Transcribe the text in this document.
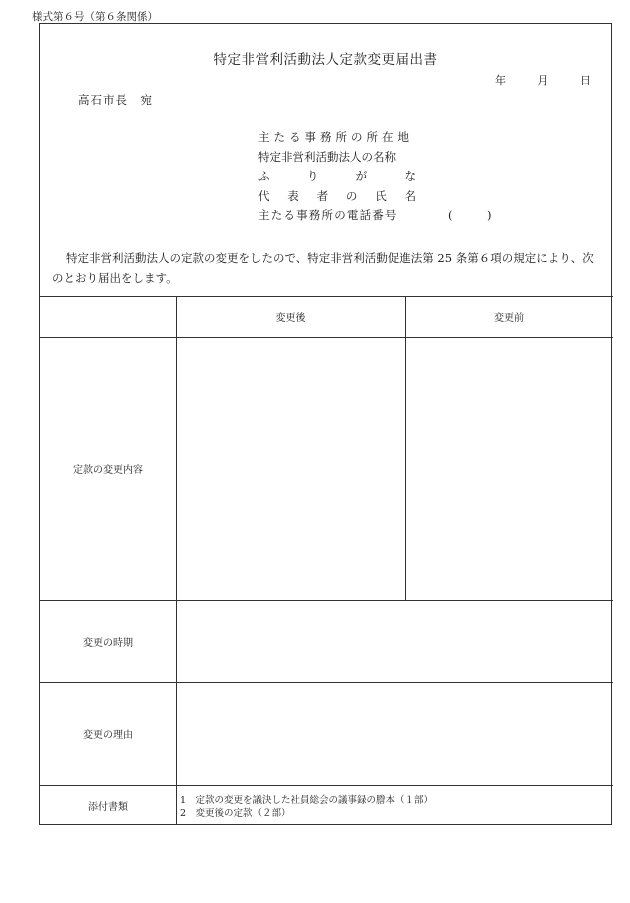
様式第６号（第６条関係）
特定非営利活動法人定款変更届出書
年	月	日
高石市長　宛
主たる事務所の所在地
特定非営利活動法人の名称
ふ	り	が	な
代 表 者 の 氏 名
主たる事務所の電話番号	(　　　)
特定非営利活動法人の定款の変更をしたので、特定非営利活動促進法第 25 条第６項の規定により、次のとおり届出をします。
変更後	変更前
定款の変更内容
変更の時期
変更の理由
添付書類
1　定款の変更を議決した社員総会の議事録の謄本（１部）
2　変更後の定款（２部）
